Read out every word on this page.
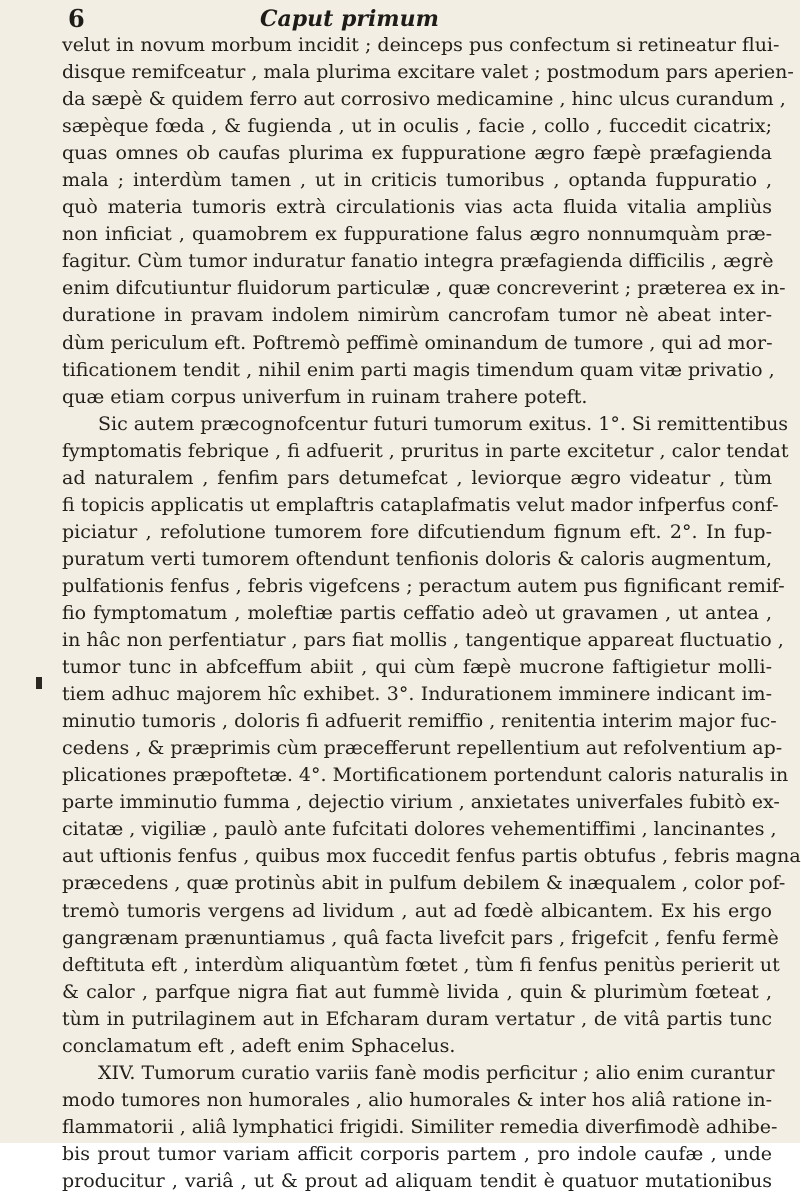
6	Caput primum
velut in novum morbum incidit ; deinceps pus confectum si retineatur flui-
disque remifceatur , mala plurima excitare valet ; postmodum pars aperien-
da sæpè & quidem ferro aut corrosivo medicamine , hinc ulcus curandum ,
sæpèque fœda , & fugienda , ut in oculis , facie , collo , fuccedit cicatrix;
quas omnes ob caufas plurima ex fuppuratione ægro fæpè præfagienda
mala ; interdùm tamen , ut in criticis tumoribus , optanda fuppuratio ,
quò materia tumoris extrà circulationis vias acta fluida vitalia ampliùs
non inficiat , quamobrem ex fuppuratione falus ægro nonnumquàm præ-
fagitur. Cùm tumor induratur fanatio integra præfagienda difficilis , ægrè
enim difcutiuntur fluidorum particulæ , quæ concreverint ; præterea ex in-
duratione in pravam indolem nimirùm cancrofam tumor nè abeat inter-
dùm periculum eft. Poftremò peffimè ominandum de tumore , qui ad mor-
tificationem tendit , nihil enim parti magis timendum quam vitæ privatio ,
quæ etiam corpus univerfum in ruinam trahere poteft.
Sic autem præcognofcentur futuri tumorum exitus. 1°. Si remittentibus
fymptomatis febrique , fi adfuerit , pruritus in parte excitetur , calor tendat
ad naturalem , fenfim pars detumefcat , leviorque ægro videatur , tùm
fi topicis applicatis ut emplaftris cataplafmatis velut mador infperfus conf-
piciatur , refolutione tumorem fore difcutiendum fignum eft. 2°. In fup-
puratum verti tumorem oftendunt tenfionis doloris & caloris augmentum,
pulfationis fenfus , febris vigefcens ; peractum autem pus fignificant remif-
fio fymptomatum , moleftiæ partis ceffatio adeò ut gravamen , ut antea ,
in hâc non perfentiatur , pars fiat mollis , tangentique appareat fluctuatio ,
tumor tunc in abfceffum abiit , qui cùm fæpè mucrone faftigietur molli-
tiem adhuc majorem hîc exhibet. 3°. Indurationem imminere indicant im-
minutio tumoris , doloris fi adfuerit remiffio , renitentia interim major fuc-
cedens , & præprimis cùm præcefferunt repellentium aut refolventium ap-
plicationes præpoftetæ. 4°. Mortificationem portendunt caloris naturalis in
parte imminutio fumma , dejectio virium , anxietates univerfales fubitò ex-
citatæ , vigiliæ , paulò ante fufcitati dolores vehementiffimi , lancinantes ,
aut uftionis fenfus , quibus mox fuccedit fenfus partis obtufus , febris magna
præcedens , quæ protinùs abit in pulfum debilem & inæqualem , color pof-
tremò tumoris vergens ad lividum , aut ad fœdè albicantem. Ex his ergo
gangrænam prænuntiamus , quâ facta livefcit pars , frigefcit , fenfu fermè
deftituta eft , interdùm aliquantùm fœtet , tùm fi fenfus penitùs perierit ut
& calor , parfque nigra fiat aut fummè livida , quin & plurimùm fœteat ,
tùm in putrilaginem aut in Efcharam duram vertatur , de vitâ partis tunc
conclamatum eft , adeft enim Sphacelus.
XIV. Tumorum curatio variis fanè modis perficitur ; alio enim curantur
modo tumores non humorales , alio humorales & inter hos aliâ ratione in-
flammatorii , aliâ lymphatici frigidi. Similiter remedia diverfimodè adhibe-
bis prout tumor variam afficit corporis partem , pro indole caufæ , unde
producitur , variâ , ut & prout ad aliquam tendit è quatuor mutationibus
